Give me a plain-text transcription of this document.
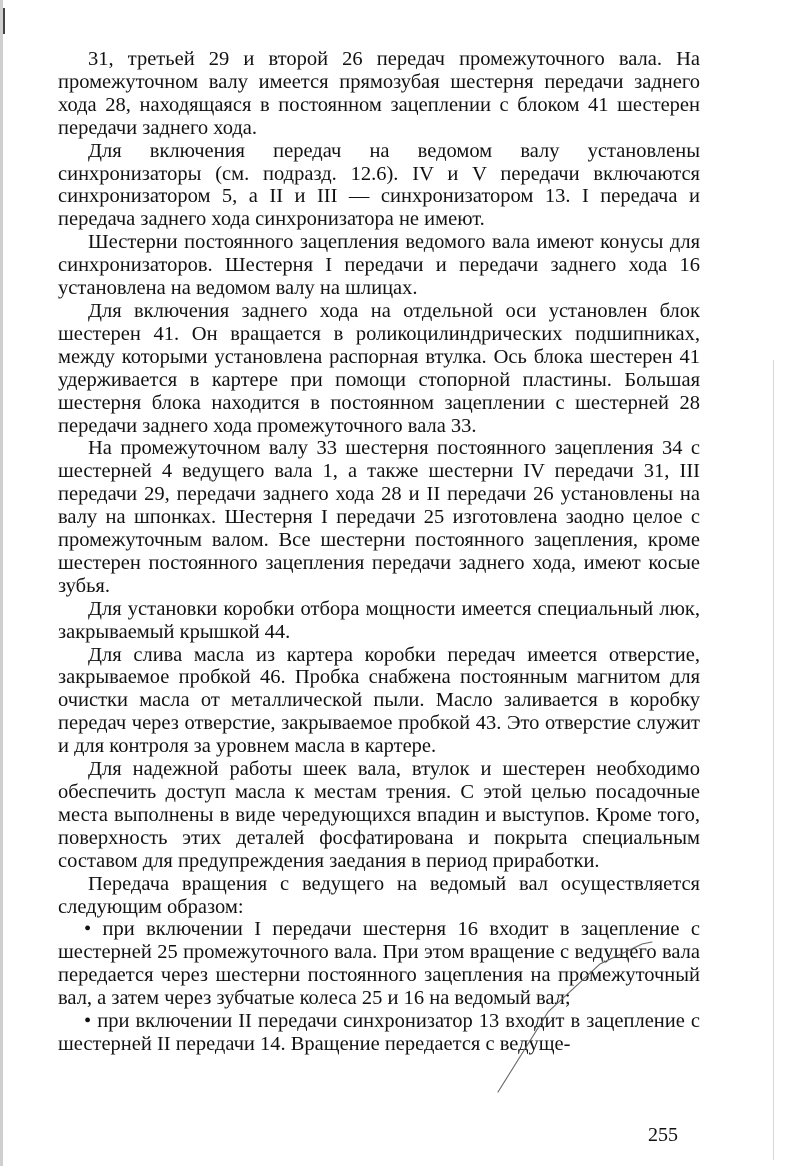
31, третьей 29 и второй 26 передач промежуточного вала. На промежуточном валу имеется прямозубая шестерня передачи заднего хода 28, находящаяся в постоянном зацеплении с блоком 41 шестерен передачи заднего хода.

Для включения передач на ведомом валу установлены синхронизаторы (см. подразд. 12.6). IV и V передачи включаются синхронизатором 5, а II и III — синхронизатором 13. I передача и передача заднего хода синхронизатора не имеют.

Шестерни постоянного зацепления ведомого вала имеют конусы для синхронизаторов. Шестерня I передачи и передачи заднего хода 16 установлена на ведомом валу на шлицах.

Для включения заднего хода на отдельной оси установлен блок шестерен 41. Он вращается в роликоцилиндрических подшипниках, между которыми установлена распорная втулка. Ось блока шестерен 41 удерживается в картере при помощи стопорной пластины. Большая шестерня блока находится в постоянном зацеплении с шестерней 28 передачи заднего хода промежуточного вала 33.

На промежуточном валу 33 шестерня постоянного зацепления 34 с шестерней 4 ведущего вала 1, а также шестерни IV передачи 31, III передачи 29, передачи заднего хода 28 и II передачи 26 установлены на валу на шпонках. Шестерня I передачи 25 изготовлена заодно целое с промежуточным валом. Все шестерни постоянного зацепления, кроме шестерен постоянного зацепления передачи заднего хода, имеют косые зубья.

Для установки коробки отбора мощности имеется специальный люк, закрываемый крышкой 44.

Для слива масла из картера коробки передач имеется отверстие, закрываемое пробкой 46. Пробка снабжена постоянным магнитом для очистки масла от металлической пыли. Масло заливается в коробку передач через отверстие, закрываемое пробкой 43. Это отверстие служит и для контроля за уровнем масла в картере.

Для надежной работы шеек вала, втулок и шестерен необходимо обеспечить доступ масла к местам трения. С этой целью посадочные места выполнены в виде чередующихся впадин и выступов. Кроме того, поверхность этих деталей фосфатирована и покрыта специальным составом для предупреждения заедания в период приработки.

Передача вращения с ведущего на ведомый вал осуществляется следующим образом:

• при включении I передачи шестерня 16 входит в зацепление с шестерней 25 промежуточного вала. При этом вращение с ведущего вала передается через шестерни постоянного зацепления на промежуточный вал, а затем через зубчатые колеса 25 и 16 на ведомый вал;

• при включении II передачи синхронизатор 13 входит в зацепление с шестерней II передачи 14. Вращение передается с ведуще-

255
